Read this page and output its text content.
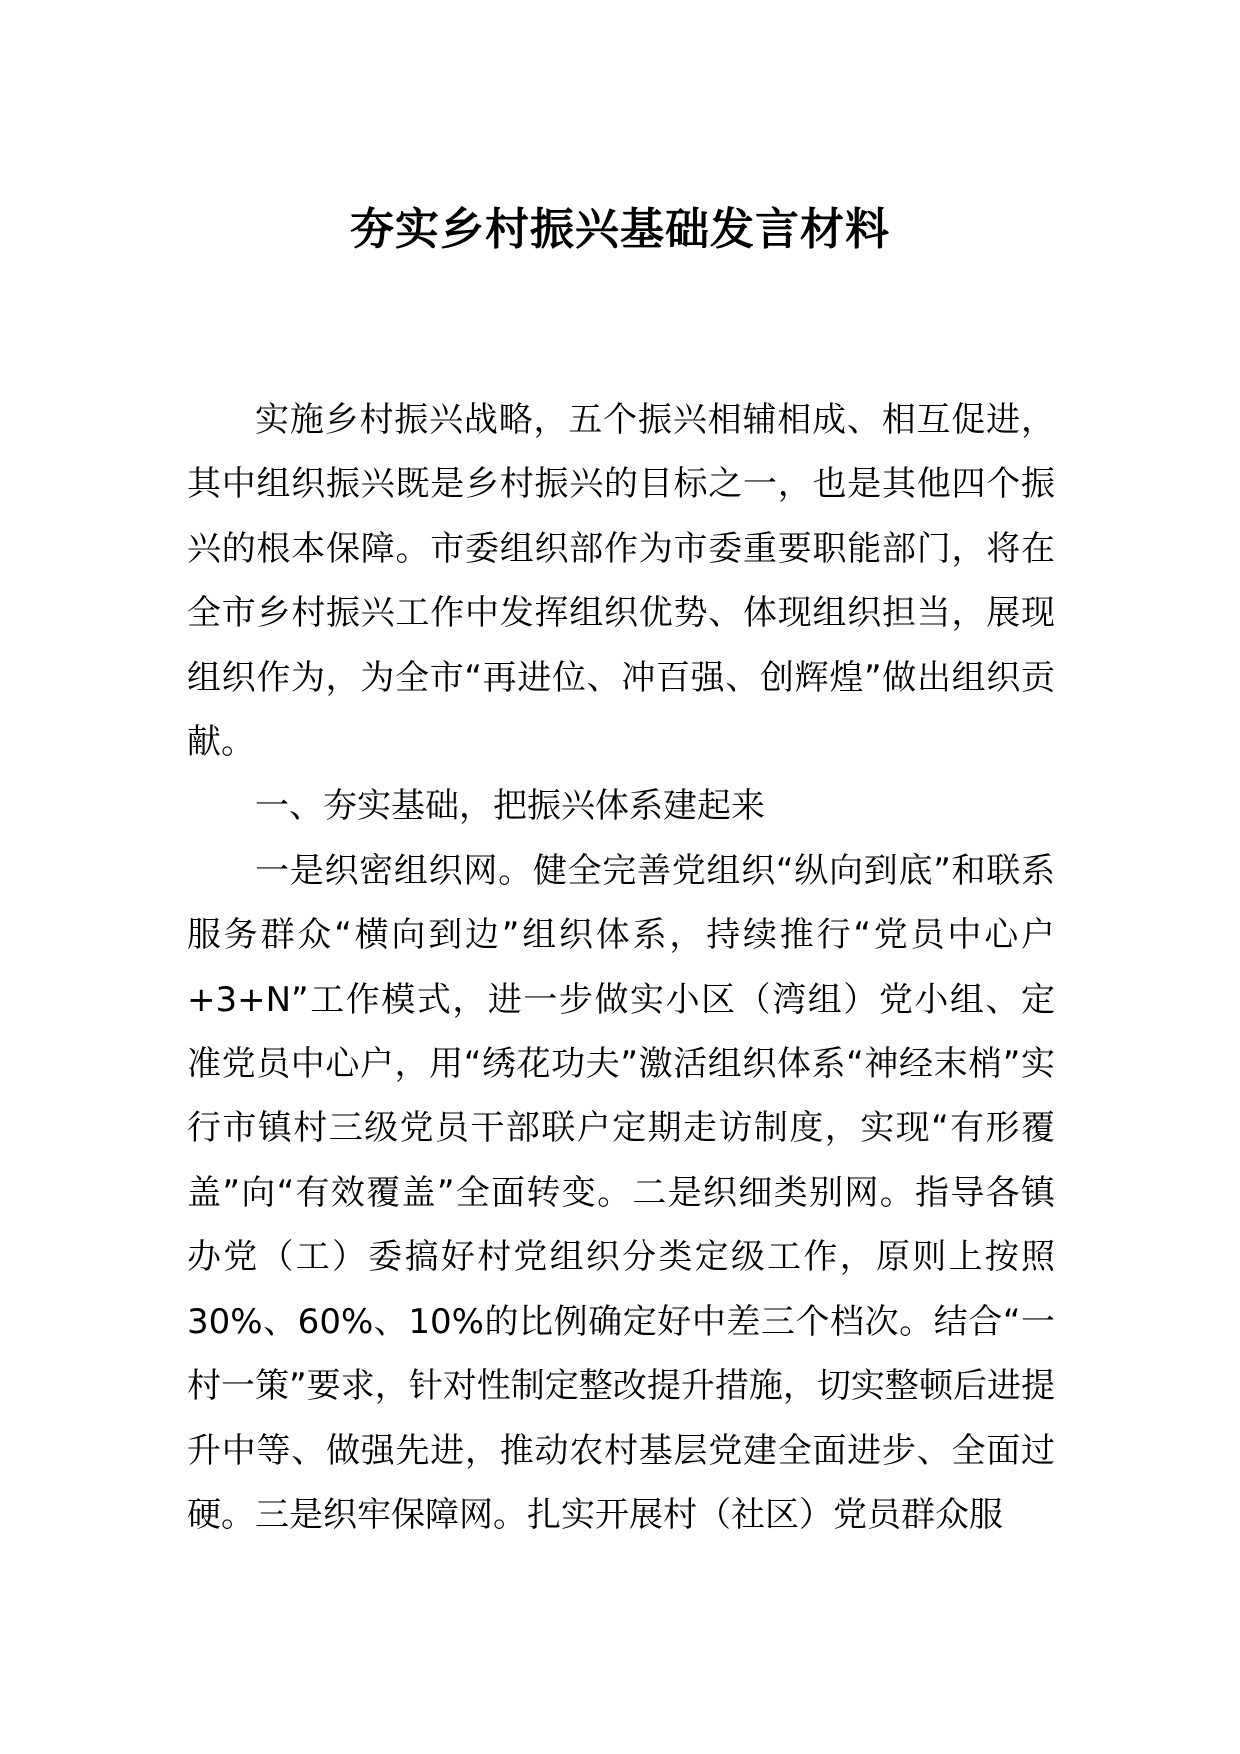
夯实乡村振兴基础发言材料

实施乡村振兴战略，五个振兴相辅相成、相互促进，其中组织振兴既是乡村振兴的目标之一，也是其他四个振兴的根本保障。市委组织部作为市委重要职能部门，将在全市乡村振兴工作中发挥组织优势、体现组织担当，展现组织作为，为全市“再进位、冲百强、创辉煌”做出组织贡献。

一、夯实基础，把振兴体系建起来

一是织密组织网。健全完善党组织“纵向到底”和联系服务群众“横向到边”组织体系，持续推行“党员中心户+3+N”工作模式，进一步做实小区（湾组）党小组、定准党员中心户，用“绣花功夫”激活组织体系“神经末梢”实行市镇村三级党员干部联户定期走访制度，实现“有形覆盖”向“有效覆盖”全面转变。二是织细类别网。指导各镇办党（工）委搞好村党组织分类定级工作，原则上按照 30%、60%、10%的比例确定好中差三个档次。结合“一村一策”要求，针对性制定整改提升措施，切实整顿后进提升中等、做强先进，推动农村基层党建全面进步、全面过硬。三是织牢保障网。扎实开展村（社区）党员群众服
